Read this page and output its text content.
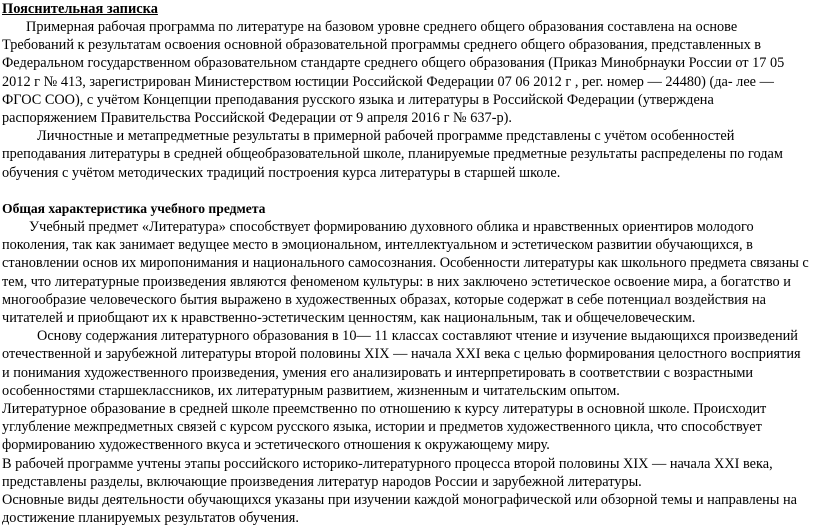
Пояснительная записка

Примерная рабочая программа по литературе на базовом уровне среднего общего образования составлена на основе Требований к результатам освоения основной образовательной программы среднего общего образования, представленных в Федеральном государственном образовательном стандарте среднего общего образования (Приказ Минобрнауки России от 17 05 2012 г № 413, зарегистрирован Министерством юстиции Российской Федерации 07 06 2012 г , рег. номер — 24480) (да- лее — ФГОС СОО), с учётом Концепции преподавания русского языка и литературы в Российской Федерации (утверждена распоряжением Правительства Российской Федерации от 9 апреля 2016 г № 637-р).

Личностные и метапредметные результаты в примерной рабочей программе представлены с учётом особенностей преподавания литературы в средней общеобразовательной школе, планируемые предметные результаты распределены по годам обучения с учётом методических традиций построения курса литературы в старшей школе.

Общая характеристика учебного предмета

Учебный предмет «Литература» способствует формированию духовного облика и нравственных ориентиров молодого поколения, так как занимает ведущее место в эмоциональном, интеллектуальном и эстетическом развитии обучающихся, в становлении основ их миропонимания и национального самосознания. Особенности литературы как школьного предмета связаны с тем, что литературные произведения являются феноменом культуры: в них заключено эстетическое освоение мира, а богатство и многообразие человеческого бытия выражено в художественных образах, которые содержат в себе потенциал воздействия на читателей и приобщают их к нравственно-эстетическим ценностям, как национальным, так и общечеловеческим.

Основу содержания литературного образования в 10— 11 классах составляют чтение и изучение выдающихся произведений отечественной и зарубежной литературы второй половины XIX — начала XXI века с целью формирования целостного восприятия и понимания художественного произведения, умения его анализировать и интерпретировать в соответствии с возрастными особенностями старшеклассников, их литературным развитием, жизненным и читательским опытом.

Литературное образование в средней школе преемственно по отношению к курсу литературы в основной школе. Происходит углубление межпредметных связей с курсом русского языка, истории и предметов художественного цикла, что способствует формированию художественного вкуса и эстетического отношения к окружающему миру.

В рабочей программе учтены этапы российского историко-литературного процесса второй половины XIX — начала XXI века, представлены разделы, включающие произведения литератур народов России и зарубежной литературы.

Основные виды деятельности обучающихся указаны при изучении каждой монографической или обзорной темы и направлены на достижение планируемых результатов обучения.
